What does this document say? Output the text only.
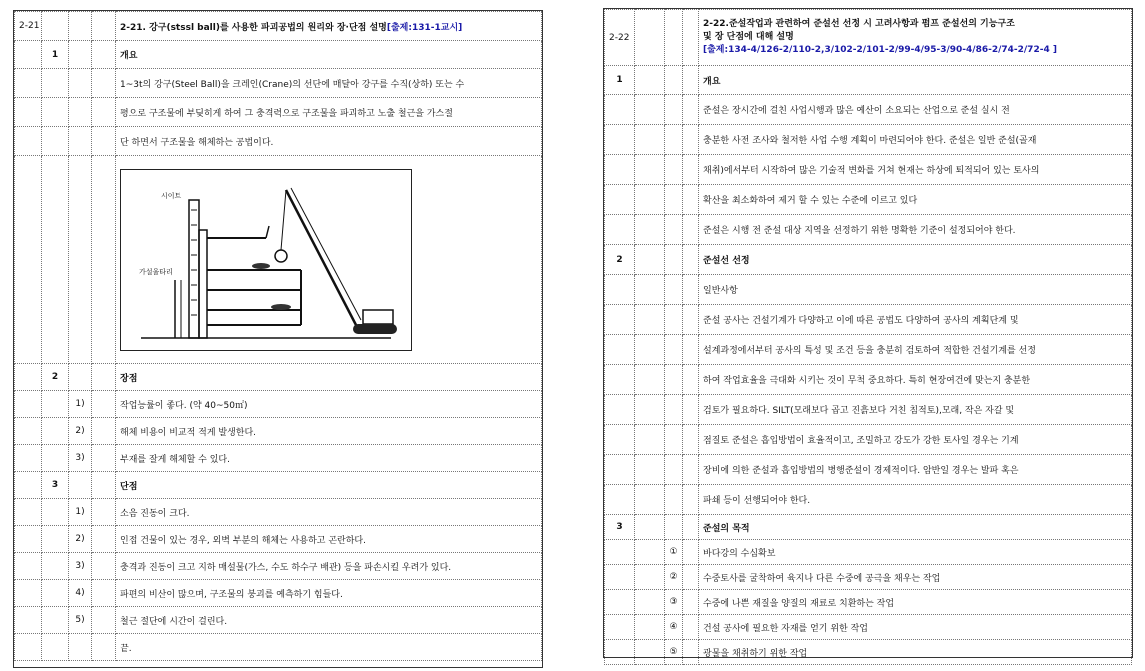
2-21				2-21. 강구(stssl ball)를 사용한 파괴공법의 원리와 장·단점 설명[출제:131-1교시]
	1			개요
				1~3t의 강구(Steel Ball)을 크레인(Crane)의 선단에 매달아 강구를 수직(상하) 또는 수
				평으로 구조물에 부딪히게 하여 그 충격력으로 구조물을 파괴하고 노출 철근을 가스절
				단 하면서 구조물을 해체하는 공법이다.

시이트
가설울타리

	2			장점
		1)		작업능률이 좋다. (약 40~50㎡)
		2)		해체 비용이 비교적 적게 발생한다.
		3)		부재를 잘게 해체할 수 있다.
	3			단점
		1)		소음 진동이 크다.
		2)		인접 건물이 있는 경우, 외벽 부분의 해체는 사용하고 곤란하다.
		3)		충격과 진동이 크고 지하 매설물(가스, 수도 하수구 배관) 등을 파손시킬 우려가 있다.
		4)		파편의 비산이 많으며, 구조물의 붕괴를 예측하기 힘들다.
		5)		철근 절단에 시간이 걸린다.
				끝.
2-22				2-22.준설작업과 관련하여 준설선 선정 시 고려사항과 펌프 준설선의 기능구조
및 장 단점에 대해 설명
[출제:134-4/126-2/110-2,3/102-2/101-2/99-4/95-3/90-4/86-2/74-2/72-4 ]

1				개요
				준설은 장시간에 걸친 사업시행과 많은 예산이 소요되는 산업으로 준설 실시 전
				충분한 사전 조사와 철저한 사업 수행 계획이 마련되어야 한다. 준설은 일반 준설(골재
				채취)에서부터 시작하여 많은 기술적 변화를 거쳐 현재는 하상에 퇴적되어 있는 토사의
				확산을 최소화하여 제거 할 수 있는 수준에 이르고 있다
				준설은 시행 전 준설 대상 지역을 선정하기 위한 명확한 기준이 설정되어야 한다.
2				준설선 선정
				일반사항
				준설 공사는 건설기계가 다양하고 이에 따른 공법도 다양하여 공사의 계획단계 및
				설계과정에서부터 공사의 특성 및 조건 등을 충분히 검토하여 적합한 건설기계를 선정
				하여 작업효율을 극대화 시키는 것이 무척 중요하다. 특히 현장여건에 맞는지 충분한
				검토가 필요하다. SILT(모래보다 곱고 진흙보다 거친 침적토),모래, 작은 자갈 및
				점질토 준설은 흡입방법이 효율적이고, 조밀하고 강도가 강한 토사일 경우는 기계
				장비에 의한 준설과 흡입방법의 병행준설이 경제적이다. 암반일 경우는 발파 혹은
				파쇄 등이 선행되어야 한다.
3				준설의 목적
		①		바다강의 수심확보
		②		수중토사를 굴착하여 육지나 다른 수중에 공극을 채우는 작업
		③		수중에 나쁜 재질을 양질의 재료로 치환하는 작업
		④		건설 공사에 필요한 자재를 얻기 위한 작업
		⑤		광물을 채취하기 위한 작업
